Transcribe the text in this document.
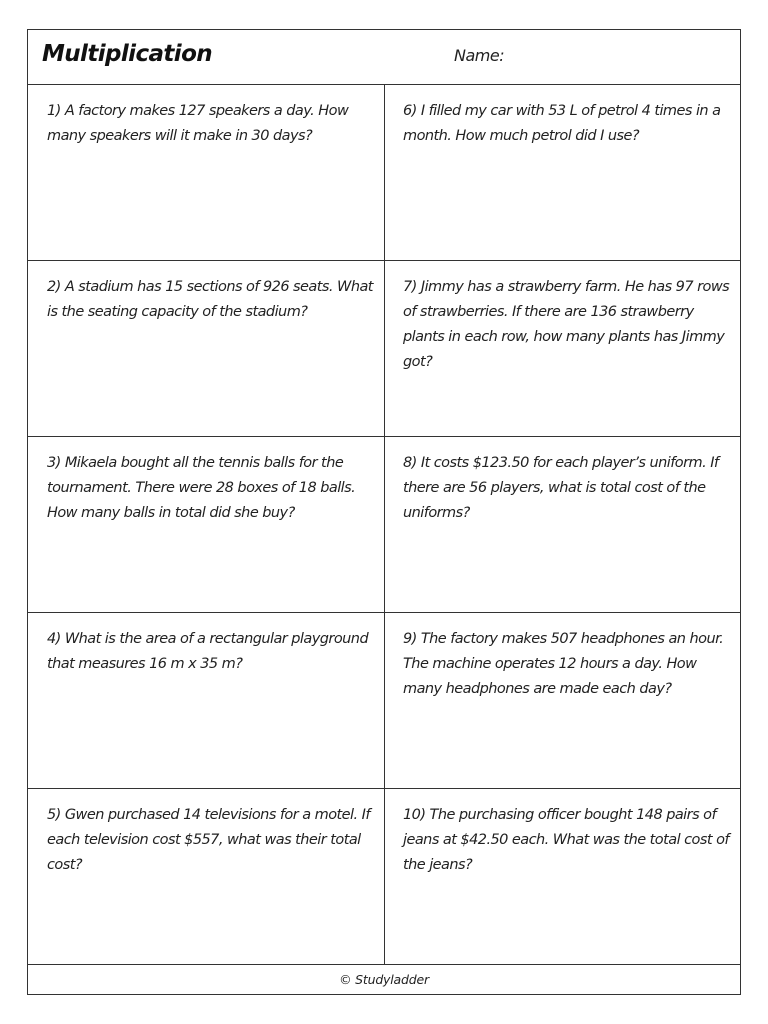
Multiplication	Name:

1) A factory makes 127 speakers a day. How many speakers will it make in 30 days?

2) A stadium has 15 sections of 926 seats. What is the seating capacity of the stadium?

3) Mikaela bought all the tennis balls for the tournament. There were 28 boxes of 18 balls. How many balls in total did she buy?

4) What is the area of a rectangular playground that measures 16 m x 35 m?

5) Gwen purchased 14 televisions for a motel. If each television cost $557, what was their total cost?

6) I filled my car with 53 L of petrol 4 times in a month. How much petrol did I use?

7) Jimmy has a strawberry farm. He has 97 rows of strawberries. If there are 136 strawberry plants in each row, how many plants has Jimmy got?

8) It costs $123.50 for each player’s uniform. If there are 56 players, what is total cost of the uniforms?

9) The factory makes 507 headphones an hour. The machine operates 12 hours a day. How many headphones are made each day?

10) The purchasing officer bought 148 pairs of jeans at $42.50 each. What was the total cost of the jeans?

© Studyladder
